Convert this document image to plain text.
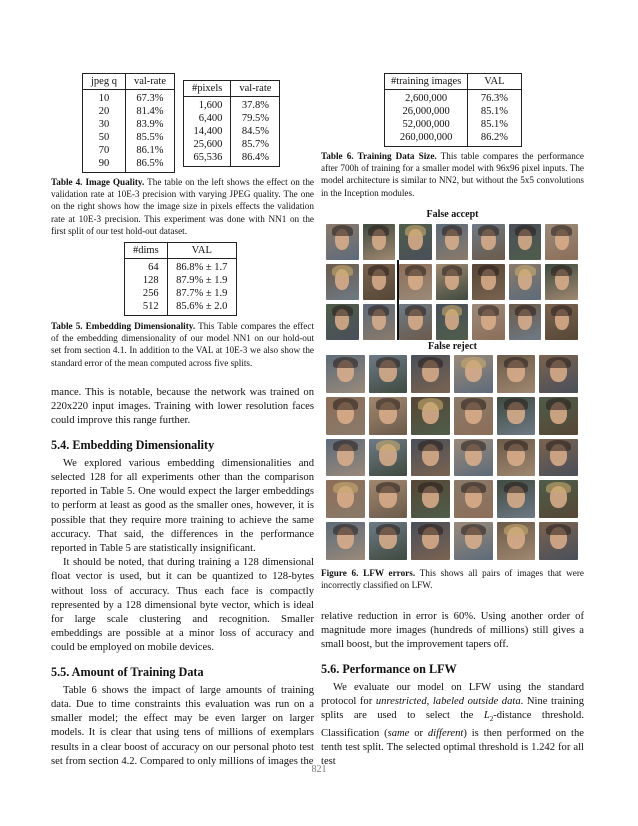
jpeg q	val-rate
10	67.3%
20	81.4%
30	83.9%
50	85.5%
70	86.1%
90	86.5%
#pixels	val-rate
1,600	37.8%
6,400	79.5%
14,400	84.5%
25,600	85.7%
65,536	86.4%
Table 4. Image Quality. The table on the left shows the effect on the validation rate at 10E-3 precision with varying JPEG quality. The one on the right shows how the image size in pixels effects the validation rate at 10E-3 precision. This experiment was done with NN1 on the first split of our test hold-out dataset.
#dims	VAL
64	86.8% ± 1.7
128	87.9% ± 1.9
256	87.7% ± 1.9
512	85.6% ± 2.0
Table 5. Embedding Dimensionality. This Table compares the effect of the embedding dimensionality of our model NN1 on our hold-out set from section 4.1. In addition to the VAL at 10E-3 we also show the standard error of the mean computed across five splits.

mance. This is notable, because the network was trained on 220x220 input images. Training with lower resolution faces could improve this range further.

5.4. Embedding Dimensionality

We explored various embedding dimensionalities and selected 128 for all experiments other than the comparison reported in Table 5. One would expect the larger embeddings to perform at least as good as the smaller ones, however, it is possible that they require more training to achieve the same accuracy. That said, the differences in the performance reported in Table 5 are statistically insignificant.

It should be noted, that during training a 128 dimensional float vector is used, but it can be quantized to 128-bytes without loss of accuracy. Thus each face is compactly represented by a 128 dimensional byte vector, which is ideal for large scale clustering and recognition. Smaller embeddings are possible at a minor loss of accuracy and could be employed on mobile devices.

5.5. Amount of Training Data

Table 6 shows the impact of large amounts of training data. Due to time constraints this evaluation was run on a smaller model; the effect may be even larger on larger models. It is clear that using tens of millions of exemplars results in a clear boost of accuracy on our personal photo test set from section 4.2. Compared to only millions of images the

#training images	VAL
2,600,000	76.3%
26,000,000	85.1%
52,000,000	85.1%
260,000,000	86.2%
Table 6. Training Data Size. This table compares the performance after 700h of training for a smaller model with 96x96 pixel inputs. The model architecture is similar to NN2, but without the 5x5 convolutions in the Inception modules.
False accept
False reject
Figure 6. LFW errors. This shows all pairs of images that were incorrectly classified on LFW.

relative reduction in error is 60%. Using another order of magnitude more images (hundreds of millions) still gives a small boost, but the improvement tapers off.

5.6. Performance on LFW

We evaluate our model on LFW using the standard protocol for unrestricted, labeled outside data. Nine training splits are used to select the $L_2$-distance threshold. Classification (same or different) is then performed on the tenth test split. The selected optimal threshold is 1.242 for all test

821
